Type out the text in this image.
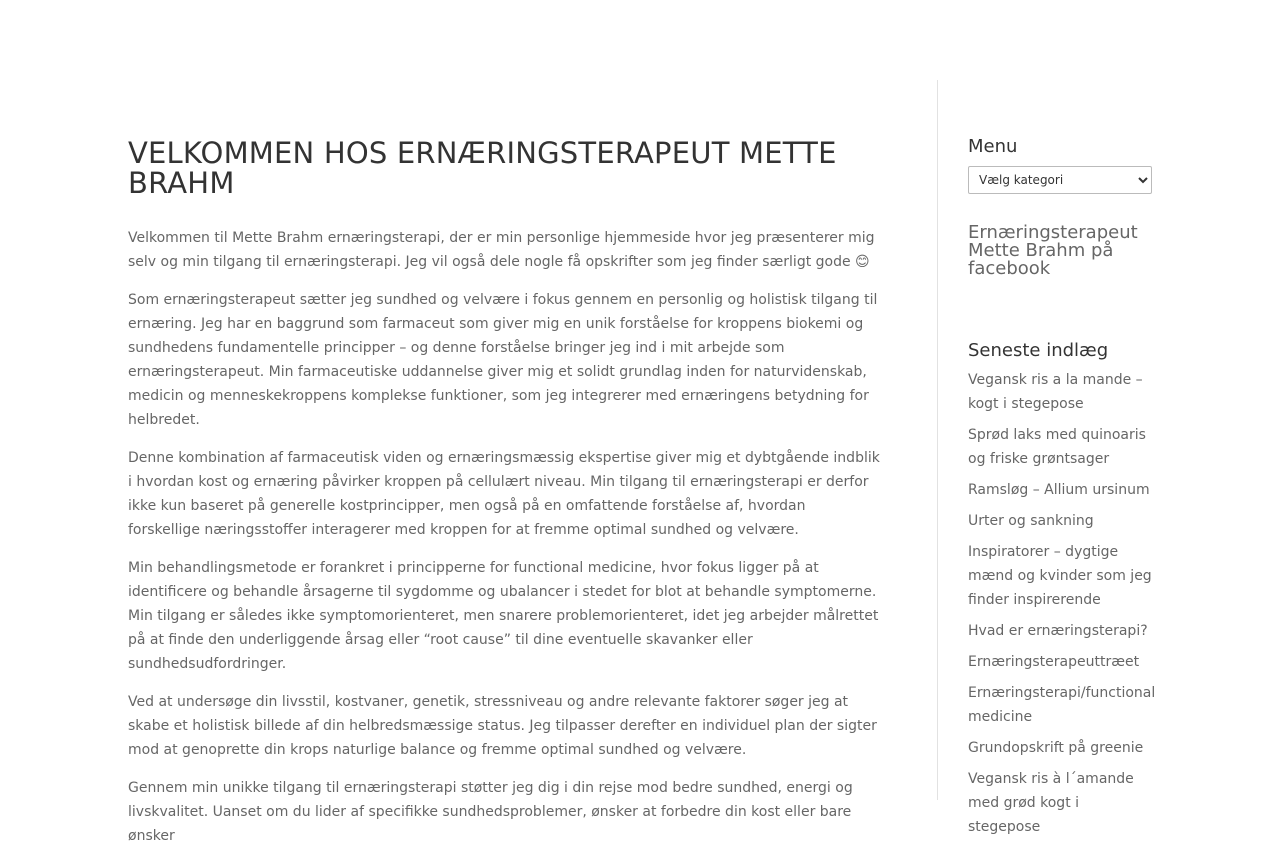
VELKOMMEN HOS ERNÆRINGSTERAPEUT METTE BRAHM

Velkommen til Mette Brahm ernæringsterapi, der er min personlige hjemmeside hvor jeg præsenterer mig selv og min tilgang til ernæringsterapi. Jeg vil også dele nogle få opskrifter som jeg finder særligt gode 😊

Som ernæringsterapeut sætter jeg sundhed og velvære i fokus gennem en personlig og holistisk tilgang til ernæring. Jeg har en baggrund som farmaceut som giver mig en unik forståelse for kroppens biokemi og sundhedens fundamentelle principper – og denne forståelse bringer jeg ind i mit arbejde som ernæringsterapeut. Min farmaceutiske uddannelse giver mig et solidt grundlag inden for naturvidenskab, medicin og menneskekroppens komplekse funktioner, som jeg integrerer med ernæringens betydning for helbredet.

Denne kombination af farmaceutisk viden og ernæringsmæssig ekspertise giver mig et dybtgående indblik i hvordan kost og ernæring påvirker kroppen på cellulært niveau. Min tilgang til ernæringsterapi er derfor ikke kun baseret på generelle kostprincipper, men også på en omfattende forståelse af, hvordan forskellige næringsstoffer interagerer med kroppen for at fremme optimal sundhed og velvære.

Min behandlingsmetode er forankret i principperne for functional medicine, hvor fokus ligger på at identificere og behandle årsagerne til sygdomme og ubalancer i stedet for blot at behandle symptomerne. Min tilgang er således ikke symptomorienteret, men snarere problemorienteret, idet jeg arbejder målrettet på at finde den underliggende årsag eller “root cause” til dine eventuelle skavanker eller sundhedsudfordringer.

Ved at undersøge din livsstil, kostvaner, genetik, stressniveau og andre relevante faktorer søger jeg at skabe et holistisk billede af din helbredsmæssige status. Jeg tilpasser derefter en individuel plan der sigter mod at genoprette din krops naturlige balance og fremme optimal sundhed og velvære.

Gennem min unikke tilgang til ernæringsterapi støtter jeg dig i din rejse mod bedre sundhed, energi og livskvalitet. Uanset om du lider af specifikke sundhedsproblemer, ønsker at forbedre din kost eller bare ønsker

Menu
Vælg kategori
Ernæringsterapeut Mette Brahm på facebook
Seneste indlæg
Vegansk ris a la mande – kogt i stegepose
Sprød laks med quinoaris og friske grøntsager
Ramsløg – Allium ursinum
Urter og sankning
Inspiratorer – dygtige mænd og kvinder som jeg finder inspirerende
Hvad er ernæringsterapi?
Ernæringsterapeuttræet
Ernæringsterapi/functional medicine
Grundopskrift på greenie
Vegansk ris à l´amande med grød kogt i stegepose
